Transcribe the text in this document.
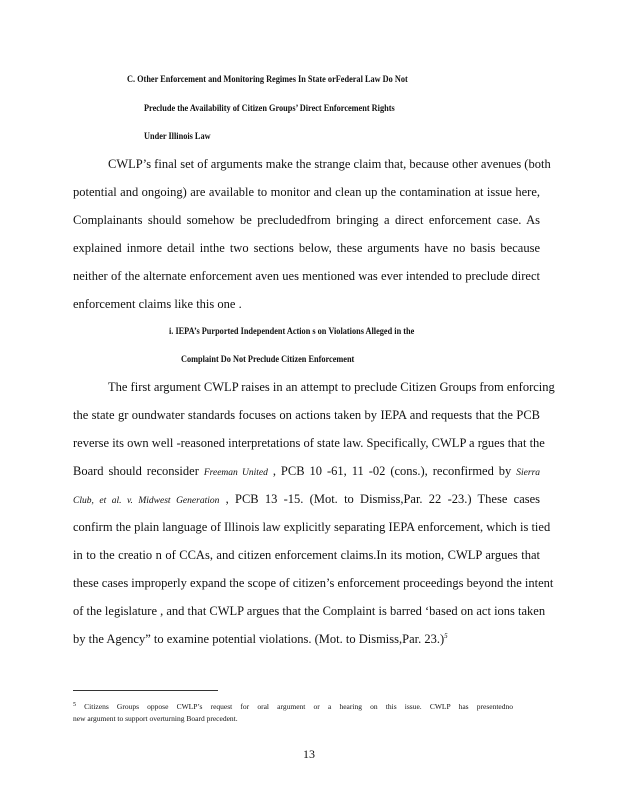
C. Other Enforcement and Monitoring Regimes In State orFederal Law Do Not
Preclude the Availability of Citizen Groups’ Direct Enforcement Rights
Under Illinois Law
CWLP’s final set of arguments make the strange claim that, because other avenues (both
potential and ongoing) are available to monitor and clean up the contamination at issue here,
Complainants should somehow be precludedfrom bringing a direct enforcement case. As
explained inmore detail inthe two sections below, these arguments have no basis because
neither of the alternate enforcement aven ues mentioned was ever intended to preclude direct
enforcement claims like this one .
i. IEPA’s Purported Independent Action s on Violations Alleged in the
Complaint Do Not Preclude Citizen Enforcement
The first argument CWLP raises in an attempt to preclude Citizen Groups from enforcing
the state gr oundwater standards focuses on actions taken by IEPA and requests that the PCB
reverse its own well -reasoned interpretations of state law. Specifically, CWLP a rgues that the
Board should reconsider Freeman United , PCB 10 -61, 11 -02 (cons.), reconfirmed by Sierra
Club, et al. v. Midwest Generation , PCB 13 -15. (Mot. to Dismiss,Par. 22 -23.) These cases
confirm the plain language of Illinois law explicitly separating IEPA enforcement, which is tied
in to the creatio n of CCAs, and citizen enforcement claims.In its motion, CWLP argues that
these cases improperly expand the scope of citizen’s enforcement proceedings beyond the intent
of the legislature , and that CWLP argues that the Complaint is barred ‘based on act ions taken
by the Agency” to examine potential violations. (Mot. to Dismiss,Par. 23.)$^5$
$^5$ Citizens Groups oppose CWLP’s request for oral argument or a hearing on this issue. CWLP has presentedno
new argument to support overturning Board precedent.
13
